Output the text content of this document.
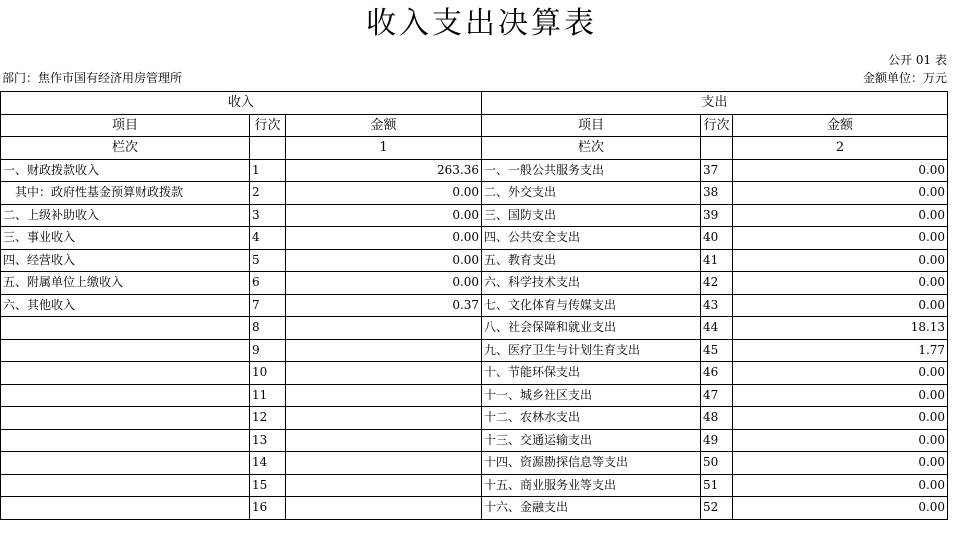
收入支出决算表
公开 01 表
部门：焦作市国有经济用房管理所	金额单位：万元
收入			支出		
项目	行次	金额	项目	行次	金额
栏次		1	栏次		2
一、财政拨款收入	1	263.36	一、一般公共服务支出	37	0.00
其中：政府性基金预算财政拨款	2	0.00	二、外交支出	38	0.00
二、上级补助收入	3	0.00	三、国防支出	39	0.00
三、事业收入	4	0.00	四、公共安全支出	40	0.00
四、经营收入	5	0.00	五、教育支出	41	0.00
五、附属单位上缴收入	6	0.00	六、科学技术支出	42	0.00
六、其他收入	7	0.37	七、文化体育与传媒支出	43	0.00
	8		八、社会保障和就业支出	44	18.13
	9		九、医疗卫生与计划生育支出	45	1.77
	10		十、节能环保支出	46	0.00
	11		十一、城乡社区支出	47	0.00
	12		十二、农林水支出	48	0.00
	13		十三、交通运输支出	49	0.00
	14		十四、资源勘探信息等支出	50	0.00
	15		十五、商业服务业等支出	51	0.00
	16		十六、金融支出	52	0.00
